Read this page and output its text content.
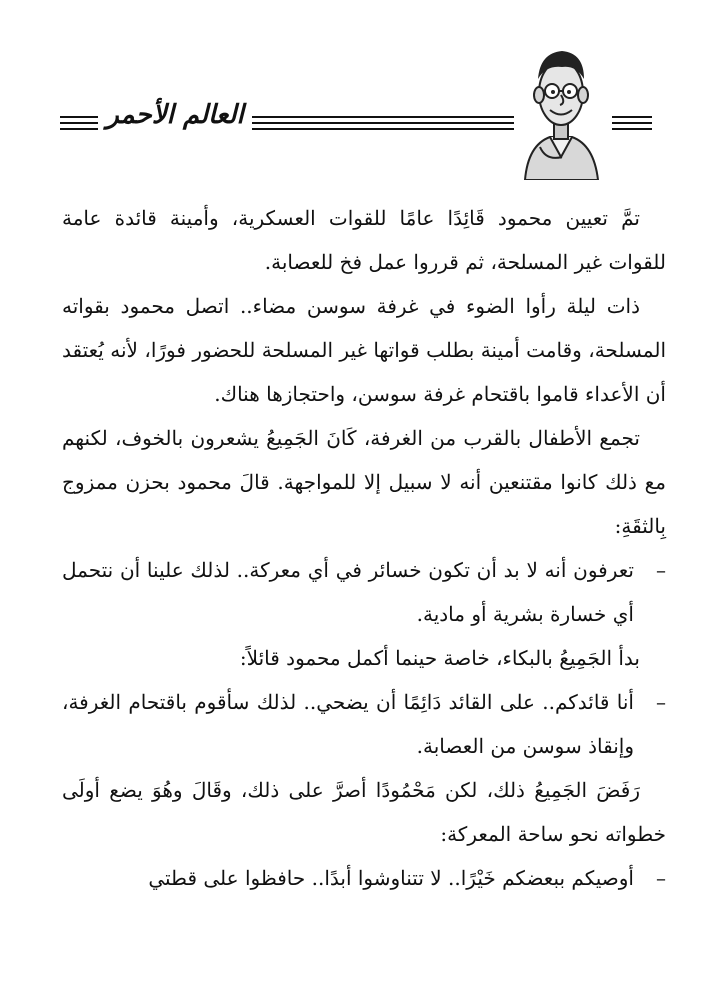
العالم الأحمر

تمَّ تعيين محمود قَائِدًا عامًا للقوات العسكرية، وأمينة قائدة عامة للقوات غير المسلحة، ثم قرروا عمل فخ للعصابة.

ذات ليلة رأوا الضوء في غرفة سوسن مضاء.. اتصل محمود بقواته المسلحة، وقامت أمينة بطلب قواتها غير المسلحة للحضور فورًا، لأنه يُعتقد أن الأعداء قاموا باقتحام غرفة سوسن، واحتجازها هناك.

تجمع الأطفال بالقرب من الغرفة، كَانَ الجَمِيعُ يشعرون بالخوف، لكنهم مع ذلك كانوا مقتنعين أنه لا سبيل إلا للمواجهة. قالَ محمود بحزن ممزوج بِالثقَةِ:

–
تعرفون أنه لا بد أن تكون خسائر في أي معركة.. لذلك علينا أن نتحمل أي خسارة بشرية أو مادية.

بدأ الجَمِيعُ بالبكاء، خاصة حينما أكمل محمود قائلاً:

–
أنا قائدكم.. على القائد دَائِمًا أن يضحي.. لذلك سأقوم باقتحام الغرفة، وإنقاذ سوسن من العصابة.

رَفَضَ الجَمِيعُ ذلك، لكن مَحْمُودًا أصرَّ على ذلك، وقَالَ وهُوَ يضع أولَى خطواته نحو ساحة المعركة:

–
أوصيكم ببعضكم خَيْرًا.. لا تتناوشوا أبدًا.. حافظوا على قطتي
